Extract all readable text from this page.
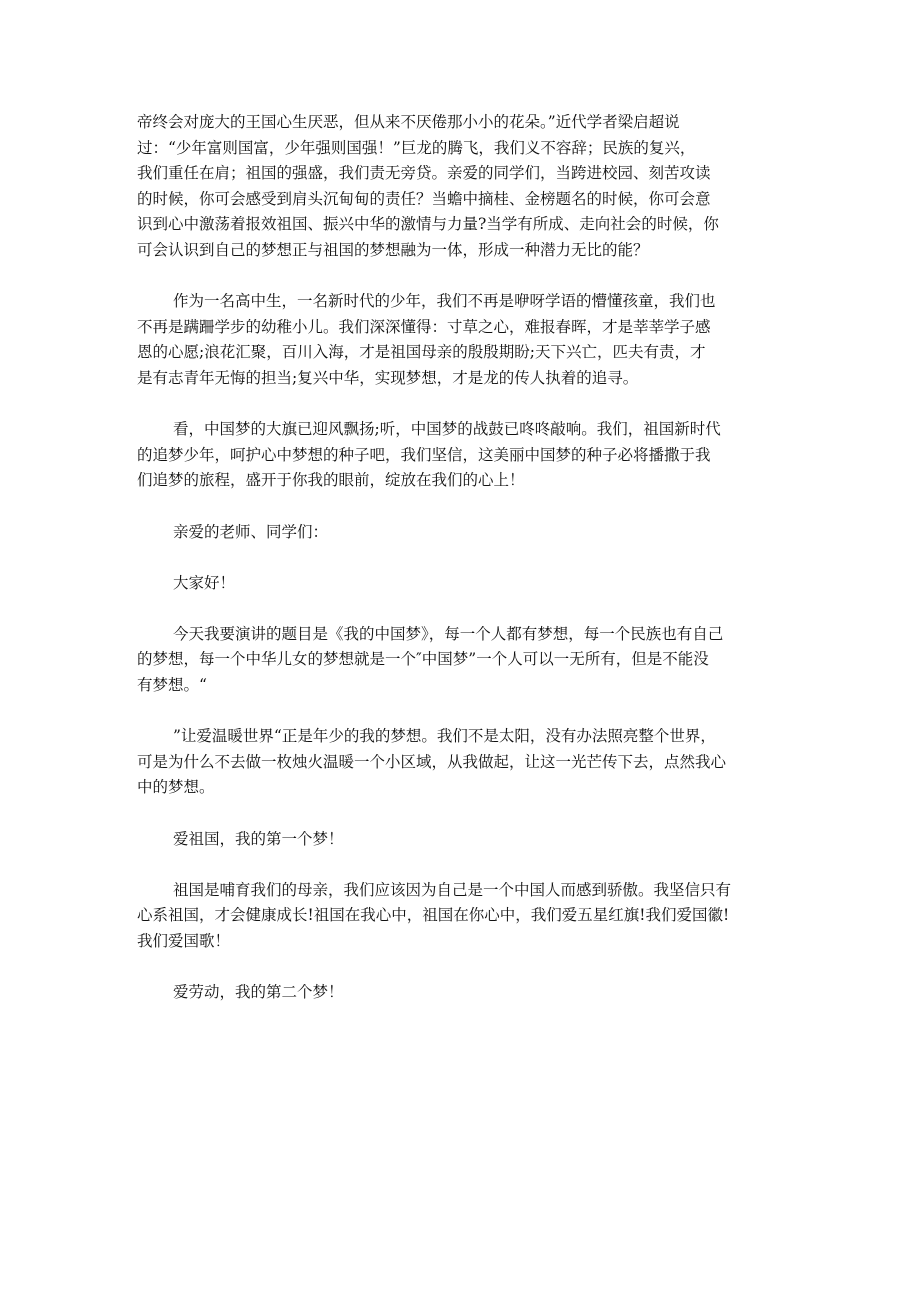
帝终会对庞大的王国心生厌恶，但从来不厌倦那小小的花朵。”近代学者梁启超说
过：“少年富则国富，少年强则国强！”巨龙的腾飞，我们义不容辞；民族的复兴，
我们重任在肩；祖国的强盛，我们责无旁贷。亲爱的同学们，当跨进校园、刻苦攻读
的时候，你可会感受到肩头沉甸甸的责任？当蟾中摘桂、金榜题名的时候，你可会意
识到心中激荡着报效祖国、振兴中华的激情与力量?当学有所成、走向社会的时候，你
可会认识到自己的梦想正与祖国的梦想融为一体，形成一种潜力无比的能？

作为一名高中生，一名新时代的少年，我们不再是咿呀学语的懵懂孩童，我们也
不再是蹒跚学步的幼稚小儿。我们深深懂得：寸草之心，难报春晖，才是莘莘学子感
恩的心愿;浪花汇聚，百川入海，才是祖国母亲的殷殷期盼;天下兴亡，匹夫有责，才
是有志青年无悔的担当;复兴中华，实现梦想，才是龙的传人执着的追寻。

看，中国梦的大旗已迎风飘扬;听，中国梦的战鼓已咚咚敲响。我们，祖国新时代
的追梦少年，呵护心中梦想的种子吧，我们坚信，这美丽中国梦的种子必将播撒于我
们追梦的旅程，盛开于你我的眼前，绽放在我们的心上！

亲爱的老师、同学们：

大家好！

今天我要演讲的题目是《我的中国梦》，每一个人都有梦想，每一个民族也有自己
的梦想，每一个中华儿女的梦想就是一个″中国梦”一个人可以一无所有，但是不能没
有梦想。“

”让爱温暖世界“正是年少的我的梦想。我们不是太阳，没有办法照亮整个世界，
可是为什么不去做一枚烛火温暖一个小区域，从我做起，让这一光芒传下去，点然我心
中的梦想。

爱祖国，我的第一个梦！

祖国是哺育我们的母亲，我们应该因为自己是一个中国人而感到骄傲。我坚信只有
心系祖国，才会健康成长!祖国在我心中，祖国在你心中，我们爱五星红旗!我们爱国徽!
我们爱国歌！

爱劳动，我的第二个梦！
